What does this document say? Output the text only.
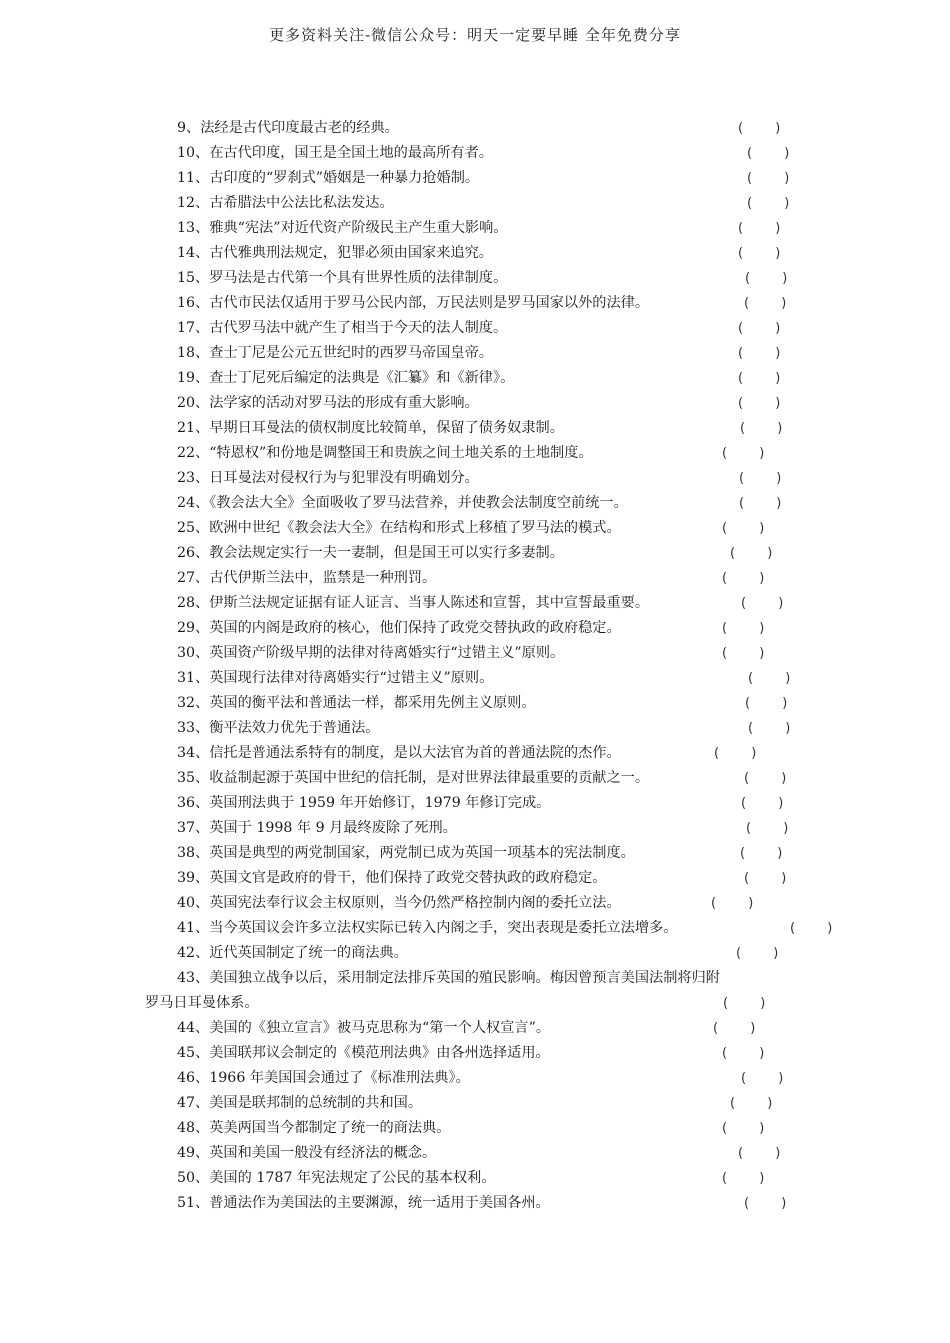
更多资料关注-微信公众号：明天一定要早睡 全年免费分享
9、法经是古代印度最古老的经典。	( )
10、在古代印度，国王是全国土地的最高所有者。	( )
11、古印度的“罗刹式”婚姻是一种暴力抢婚制。	( )
12、古希腊法中公法比私法发达。	( )
13、雅典“宪法”对近代资产阶级民主产生重大影响。	( )
14、古代雅典刑法规定，犯罪必须由国家来追究。	( )
15、罗马法是古代第一个具有世界性质的法律制度。	( )
16、古代市民法仅适用于罗马公民内部，万民法则是罗马国家以外的法律。	( )
17、古代罗马法中就产生了相当于今天的法人制度。	( )
18、查士丁尼是公元五世纪时的西罗马帝国皇帝。	( )
19、查士丁尼死后编定的法典是《汇纂》和《新律》。	( )
20、法学家的活动对罗马法的形成有重大影响。	( )
21、早期日耳曼法的债权制度比较简单，保留了债务奴隶制。	( )
22、“特恩权”和份地是调整国王和贵族之间土地关系的土地制度。	( )
23、日耳曼法对侵权行为与犯罪没有明确划分。	( )
24、《教会法大全》全面吸收了罗马法营养，并使教会法制度空前统一。	( )
25、欧洲中世纪《教会法大全》在结构和形式上移植了罗马法的模式。	( )
26、教会法规定实行一夫一妻制，但是国王可以实行多妻制。	( )
27、古代伊斯兰法中，监禁是一种刑罚。	( )
28、伊斯兰法规定证据有证人证言、当事人陈述和宣誓，其中宣誓最重要。	( )
29、英国的内阁是政府的核心，他们保持了政党交替执政的政府稳定。	( )
30、英国资产阶级早期的法律对待离婚实行“过错主义”原则。	( )
31、英国现行法律对待离婚实行“过错主义”原则。	( )
32、英国的衡平法和普通法一样，都采用先例主义原则。	( )
33、衡平法效力优先于普通法。	( )
34、信托是普通法系特有的制度，是以大法官为首的普通法院的杰作。	( )
35、收益制起源于英国中世纪的信托制，是对世界法律最重要的贡献之一。	( )
36、英国刑法典于 1959 年开始修订，1979 年修订完成。	( )
37、英国于 1998 年 9 月最终废除了死刑。	( )
38、英国是典型的两党制国家，两党制已成为英国一项基本的宪法制度。	( )
39、英国文官是政府的骨干，他们保持了政党交替执政的政府稳定。	( )
40、英国宪法奉行议会主权原则，当今仍然严格控制内阁的委托立法。	( )
41、当今英国议会许多立法权实际已转入内阁之手，突出表现是委托立法增多。	( )
42、近代英国制定了统一的商法典。	( )
43、美国独立战争以后，采用制定法排斥英国的殖民影响。梅因曾预言美国法制将归附
罗马日耳曼体系。	( )
44、美国的《独立宣言》被马克思称为“第一个人权宣言”。	( )
45、美国联邦议会制定的《模范刑法典》由各州选择适用。	( )
46、1966 年美国国会通过了《标准刑法典》。	( )
47、美国是联邦制的总统制的共和国。	( )
48、英美两国当今都制定了统一的商法典。	( )
49、英国和美国一般没有经济法的概念。	( )
50、美国的 1787 年宪法规定了公民的基本权利。	( )
51、普通法作为美国法的主要渊源，统一适用于美国各州。	( )
